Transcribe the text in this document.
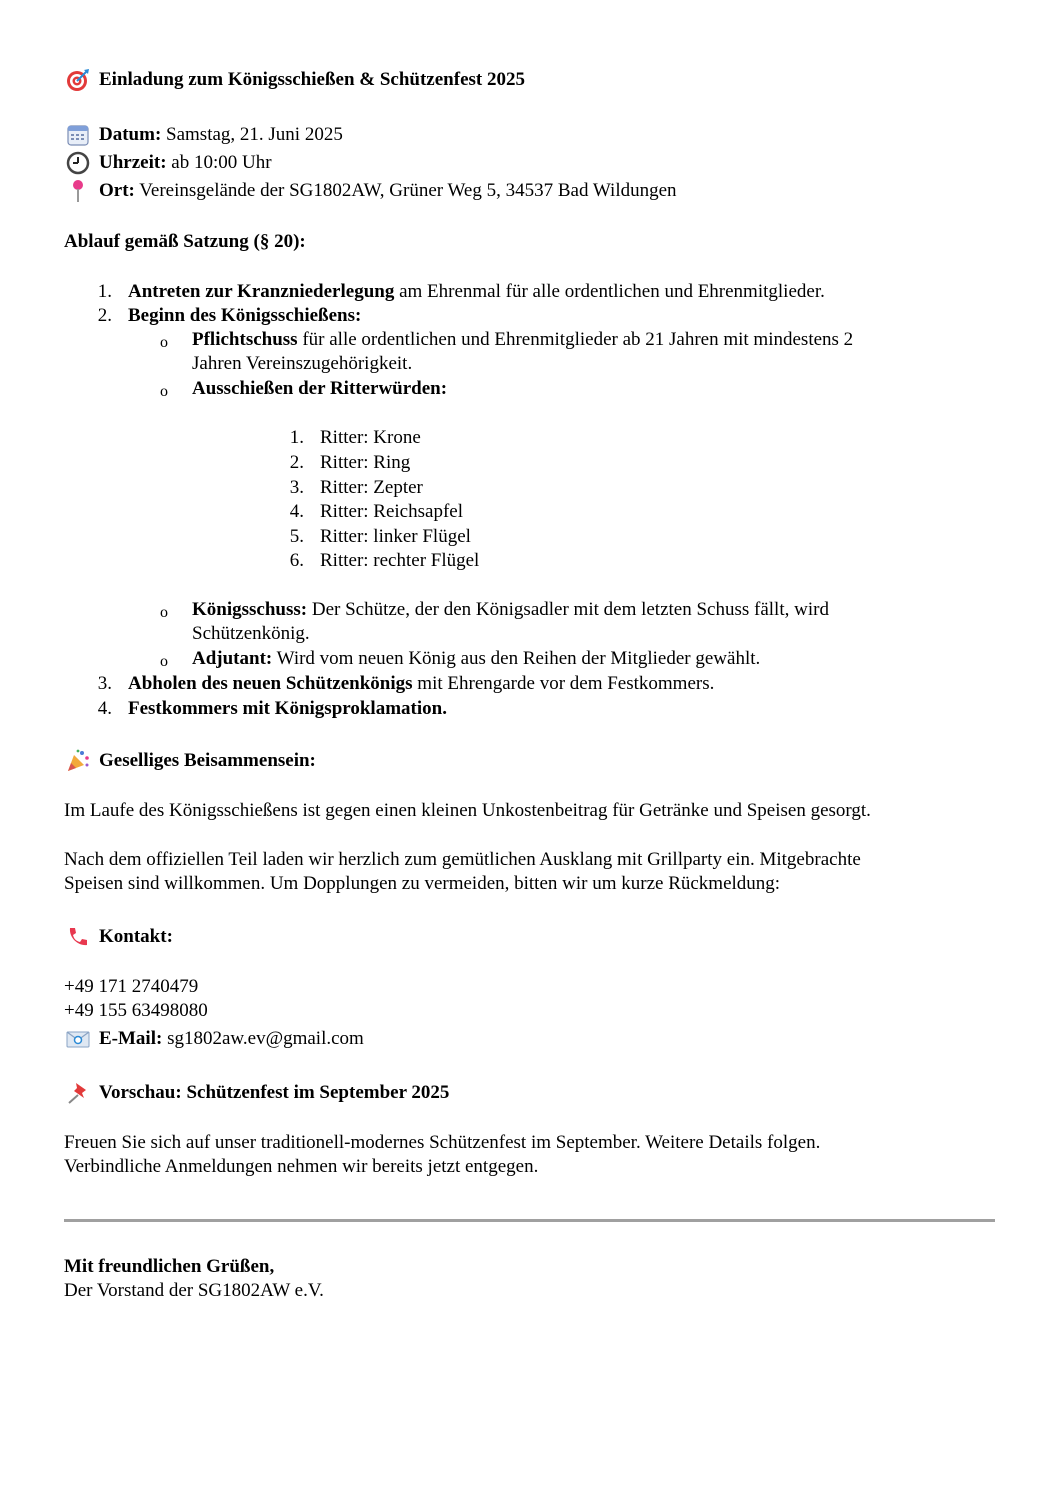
Einladung zum Königsschießen & Schützenfest 2025
Datum: Samstag, 21. Juni 2025
Uhrzeit: ab 10:00 Uhr
Ort: Vereinsgelände der SG1802AW, Grüner Weg 5, 34537 Bad Wildungen
Ablauf gemäß Satzung (§ 20):
1. Antreten zur Kranzniederlegung am Ehrenmal für alle ordentlichen und Ehrenmitglieder.
2. Beginn des Königsschießens:
o Pflichtschuss für alle ordentlichen und Ehrenmitglieder ab 21 Jahren mit mindestens 2
Jahren Vereinszugehörigkeit.
o Ausschießen der Ritterwürden:
1. Ritter: Krone
2. Ritter: Ring
3. Ritter: Zepter
4. Ritter: Reichsapfel
5. Ritter: linker Flügel
6. Ritter: rechter Flügel
o Königsschuss: Der Schütze, der den Königsadler mit dem letzten Schuss fällt, wird
Schützenkönig.
o Adjutant: Wird vom neuen König aus den Reihen der Mitglieder gewählt.
3. Abholen des neuen Schützenkönigs mit Ehrengarde vor dem Festkommers.
4. Festkommers mit Königsproklamation.
Geselliges Beisammensein:
Im Laufe des Königsschießens ist gegen einen kleinen Unkostenbeitrag für Getränke und Speisen gesorgt.
Nach dem offiziellen Teil laden wir herzlich zum gemütlichen Ausklang mit Grillparty ein. Mitgebrachte
Speisen sind willkommen. Um Dopplungen zu vermeiden, bitten wir um kurze Rückmeldung:
Kontakt:
+49 171 2740479
+49 155 63498080
E-Mail: sg1802aw.ev@gmail.com
Vorschau: Schützenfest im September 2025
Freuen Sie sich auf unser traditionell-modernes Schützenfest im September. Weitere Details folgen.
Verbindliche Anmeldungen nehmen wir bereits jetzt entgegen.
Mit freundlichen Grüßen,
Der Vorstand der SG1802AW e.V.
